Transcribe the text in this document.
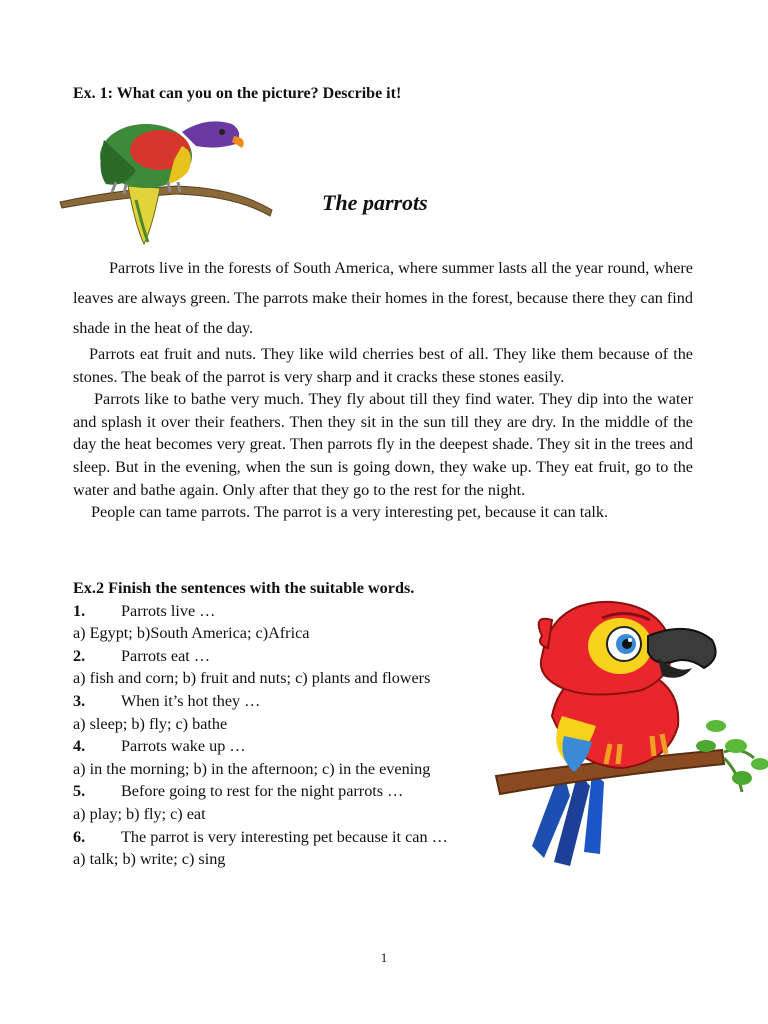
Ex. 1: What can you on the picture? Describe it!
The parrots

Parrots live in the forests of South America, where summer lasts all the year round, where leaves are always green. The parrots make their homes in the forest, because there they can find shade in the heat of the day.

Parrots eat fruit and nuts. They like wild cherries best of all. They like them because of the stones. The beak of the parrot is very sharp and it cracks these stones easily.

Parrots like to bathe very much. They fly about till they find water. They dip into the water and splash it over their feathers. Then they sit in the sun till they are dry. In the middle of the day the heat becomes very great. Then parrots fly in the deepest shade. They sit in the trees and sleep. But in the evening, when the sun is going down, they wake up. They eat fruit, go to the water and bathe again. Only after that they go to the rest for the night.

People can tame parrots. The parrot is a very interesting pet, because it can talk.

Ex.2 Finish the sentences with the suitable words.
1.	Parrots live …
a) Egypt; b)South America; c)Africa
2.	Parrots eat …
a) fish and corn; b) fruit and nuts; c) plants and flowers
3.	When it’s hot they …
a) sleep; b) fly; c) bathe
4.	Parrots wake up …
a) in the morning; b) in the afternoon; c) in the evening
5.	Before going to rest for the night parrots …
a) play; b) fly; c) eat
6.	The parrot is very interesting pet because it can …
a) talk; b) write; c) sing
1
